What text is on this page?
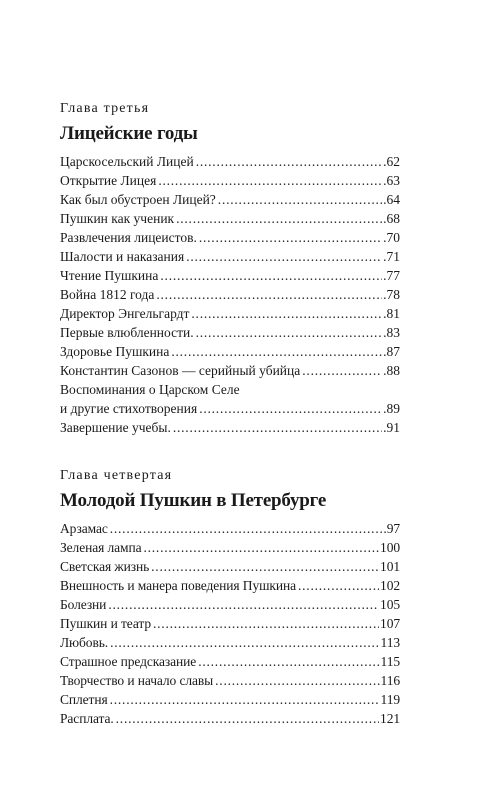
Глава третья
Лицейские годы
Царскосельский Лицей . . .	.62
Открытие Лицея . . .	.63
Как был обустроен Лицей? . . .	.64
Пушкин как ученик . . .	.68
Развлечения лицеистов. . . .	.70
Шалости и наказания . . .	.71
Чтение Пушкина . . .	.77
Война 1812 года . . .	.78
Директор Энгельгардт . . .	.81
Первые влюбленности. . . .	.83
Здоровье Пушкина . . .	.87
Константин Сазонов — серийный убийца . . .	.88
Воспоминания о Царском Селе
и другие стихотворения . . .	.89
Завершение учебы. . . .	.91
Глава четвертая
Молодой Пушкин в Петербурге
Арзамас . . .	.97
Зеленая лампа . . .	100
Светская жизнь . . .	101
Внешность и манера поведения Пушкина . . .	102
Болезни . . .	105
Пушкин и театр . . .	107
Любовь. . . .	113
Страшное предсказание . . .	115
Творчество и начало славы . . .	116
Сплетня . . .	119
Расплата. . . .	121
